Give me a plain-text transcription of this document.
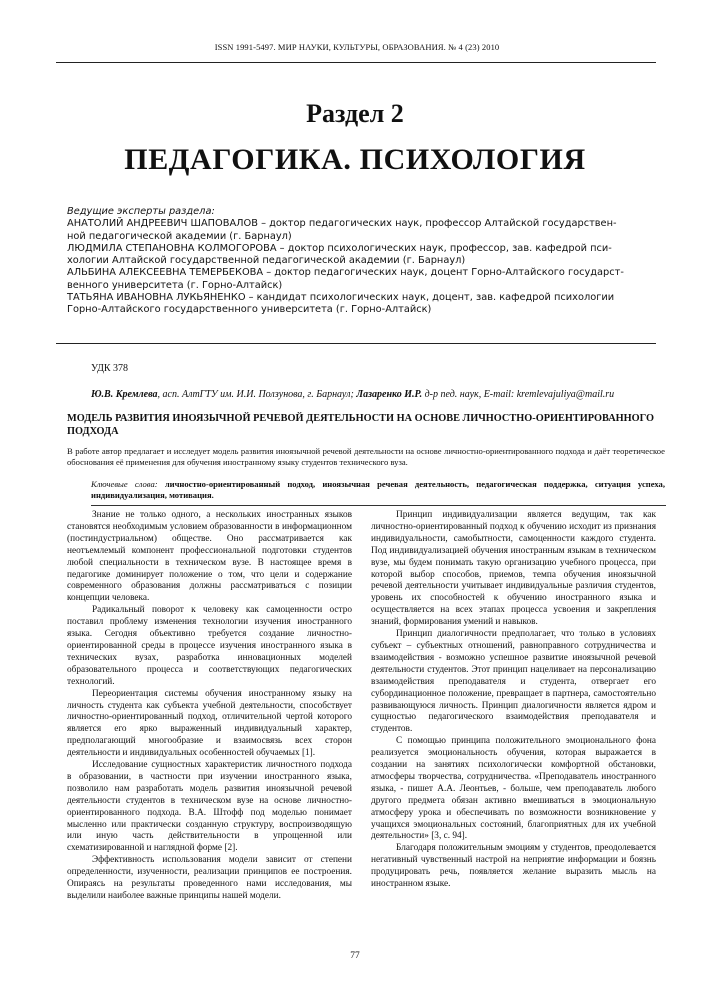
ISSN 1991-5497. МИР НАУКИ, КУЛЬТУРЫ, ОБРАЗОВАНИЯ. № 4 (23) 2010
Раздел 2
ПЕДАГОГИКА. ПСИХОЛОГИЯ
Ведущие эксперты раздела:
АНАТОЛИЙ АНДРЕЕВИЧ ШАПОВАЛОВ – доктор педагогических наук, профессор Алтайской государствен-
ной педагогической академии (г. Барнаул)
ЛЮДМИЛА СТЕПАНОВНА КОЛМОГОРОВА – доктор психологических наук, профессор, зав. кафедрой пси-
хологии Алтайской государственной педагогической академии (г. Барнаул)
АЛЬБИНА АЛЕКСЕЕВНА ТЕМЕРБЕКОВА – доктор педагогических наук, доцент Горно-Алтайского государст-
венного университета (г. Горно-Алтайск)
ТАТЬЯНА ИВАНОВНА ЛУКЬЯНЕНКО – кандидат психологических наук, доцент, зав. кафедрой психологии
Горно-Алтайского государственного университета (г. Горно-Алтайск)
УДК 378
Ю.В. Кремлева, асп. АлтГТУ им. И.И. Ползунова, г. Барнаул; Лазаренко И.Р. д-р пед. наук, E-mail: kremlevajuliya@mail.ru
МОДЕЛЬ РАЗВИТИЯ ИНОЯЗЫЧНОЙ РЕЧЕВОЙ ДЕЯТЕЛЬНОСТИ НА ОСНОВЕ ЛИЧНОСТНО-ОРИЕНТИРОВАННОГО ПОДХОДА
В работе автор предлагает и исследует модель развития иноязычной речевой деятельности на основе личностно-ориентированного подхода и даёт теоретическое обоснования её применения для обучения иностранному языку студентов технического вуза.
Ключевые слова: личностно-ориентированный подход, иноязычная речевая деятельность, педагогическая поддержка, ситуация успеха, индивидуализация, мотивация.

Знание не только одного, а нескольких иностранных языков становятся необходимым условием образованности в информационном (постиндустриальном) обществе. Оно рассматривается как неотъемлемый компонент профессиональной подготовки студентов любой специальности в техническом вузе. В настоящее время в педагогике доминирует положение о том, что цели и содержание современного образования должны рассматриваться с позиции концепции человека.

Радикальный поворот к человеку как самоценности остро поставил проблему изменения технологии изучения иностранного языка. Сегодня объективно требуется создание личностно-ориентированной среды в процессе изучения иностранного языка в технических вузах, разработка инновационных моделей образовательного процесса и соответствующих педагогических технологий.

Переориентация системы обучения иностранному языку на личность студента как субъекта учебной деятельности, способствует личностно-ориентированный подход, отличительной чертой которого является его ярко выраженный индивидуальный характер, предполагающий многообразие и взаимосвязь всех сторон деятельности и индивидуальных особенностей обучаемых [1].

Исследование сущностных характеристик личностного подхода в образовании, в частности при изучении иностранного языка, позволило нам разработать модель развития иноязычной речевой деятельности студентов в техническом вузе на основе личностно-ориентированного подхода. В.А. Штофф под моделью понимает мысленно или практически созданную структуру, воспроизводящую или иную часть действительности в упрощенной или схематизированной и наглядной форме [2].

Эффективность использования модели зависит от степени определенности, изученности, реализации принципов ее построения. Опираясь на результаты проведенного нами исследования, мы выделили наиболее важные принципы нашей модели.

Принцип индивидуализации является ведущим, так как личностно-ориентированный подход к обучению исходит из признания индивидуальности, самобытности, самоценности каждого студента. Под индивидуализацией обучения иностранным языкам в техническом вузе, мы будем понимать такую организацию учебного процесса, при которой выбор способов, приемов, темпа обучения иноязычной речевой деятельности учитывает индивидуальные различия студентов, уровень их способностей к обучению иностранного языка и осуществляется на всех этапах процесса усвоения и закрепления знаний, формирования умений и навыков.

Принцип диалогичности предполагает, что только в условиях субъект – субъектных отношений, равноправного сотрудничества и взаимодействия - возможно успешное развитие иноязычной речевой деятельности студентов. Этот принцип нацеливает на персонализацию взаимодействия преподавателя и студента, отвергает его субординационное положение, превращает в партнера, самостоятельно развивающуюся личность. Принцип диалогичности является ядром и сущностью педагогического взаимодействия преподавателя и студентов.

С помощью принципа положительного эмоционального фона реализуется эмоциональность обучения, которая выражается в создании на занятиях психологически комфортной обстановки, атмосферы творчества, сотрудничества. «Преподаватель иностранного языка, - пишет А.А. Леонтьев, - больше, чем преподаватель любого другого предмета обязан активно вмешиваться в эмоциональную атмосферу урока и обеспечивать по возможности возникновение у учащихся эмоциональных состояний, благоприятных для их учебной деятельности» [3, с. 94].

Благодаря положительным эмоциям у студентов, преодолевается негативный чувственный настрой на неприятие информации и боязнь продуцировать речь, появляется желание выразить мысль на иностранном языке.

77
